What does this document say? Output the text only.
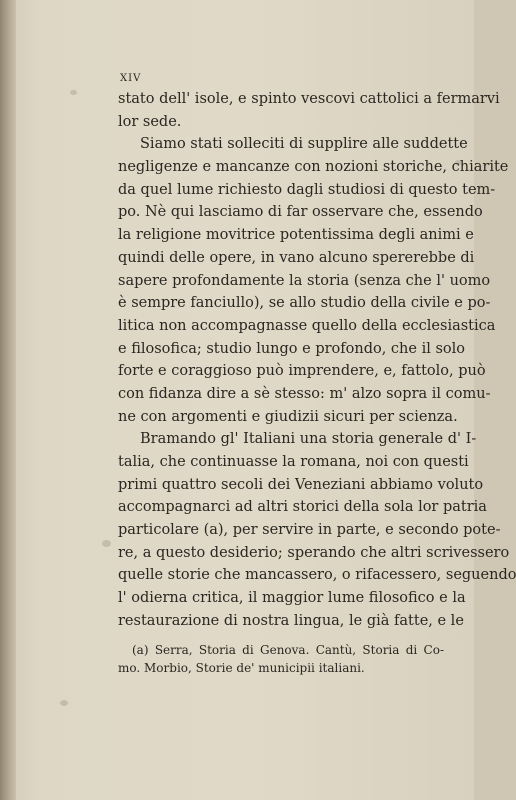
XIV
stato dell' isole, e spinto vescovi cattolici a fermarvi
lor sede.
Siamo stati solleciti di supplire alle suddette
negligenze e mancanze con nozioni storiche, chiarite
da quel lume richiesto dagli studiosi di questo tem-
po. Nè qui lasciamo di far osservare che, essendo
la religione movitrice potentissima degli animi e
quindi delle opere, in vano alcuno spererebbe di
sapere profondamente la storia (senza che l' uomo
è sempre fanciullo), se allo studio della civile e po-
litica non accompagnasse quello della ecclesiastica
e filosofica; studio lungo e profondo, che il solo
forte e coraggioso può imprendere, e, fattolo, può
con fidanza dire a sè stesso: m' alzo sopra il comu-
ne con argomenti e giudizii sicuri per scienza.
Bramando gl' Italiani una storia generale d' I-
talia, che continuasse la romana, noi con questi
primi quattro secoli dei Veneziani abbiamo voluto
accompagnarci ad altri storici della sola lor patria
particolare (a), per servire in parte, e secondo pote-
re, a questo desiderio; sperando che altri scrivessero
quelle storie che mancassero, o rifacessero, seguendo
l' odierna critica, il maggior lume filosofico e la
restaurazione di nostra lingua, le già fatte, e le
(a) Serra, Storia di Genova. Cantù, Storia di Co-
mo. Morbio, Storie de' municipii italiani.
